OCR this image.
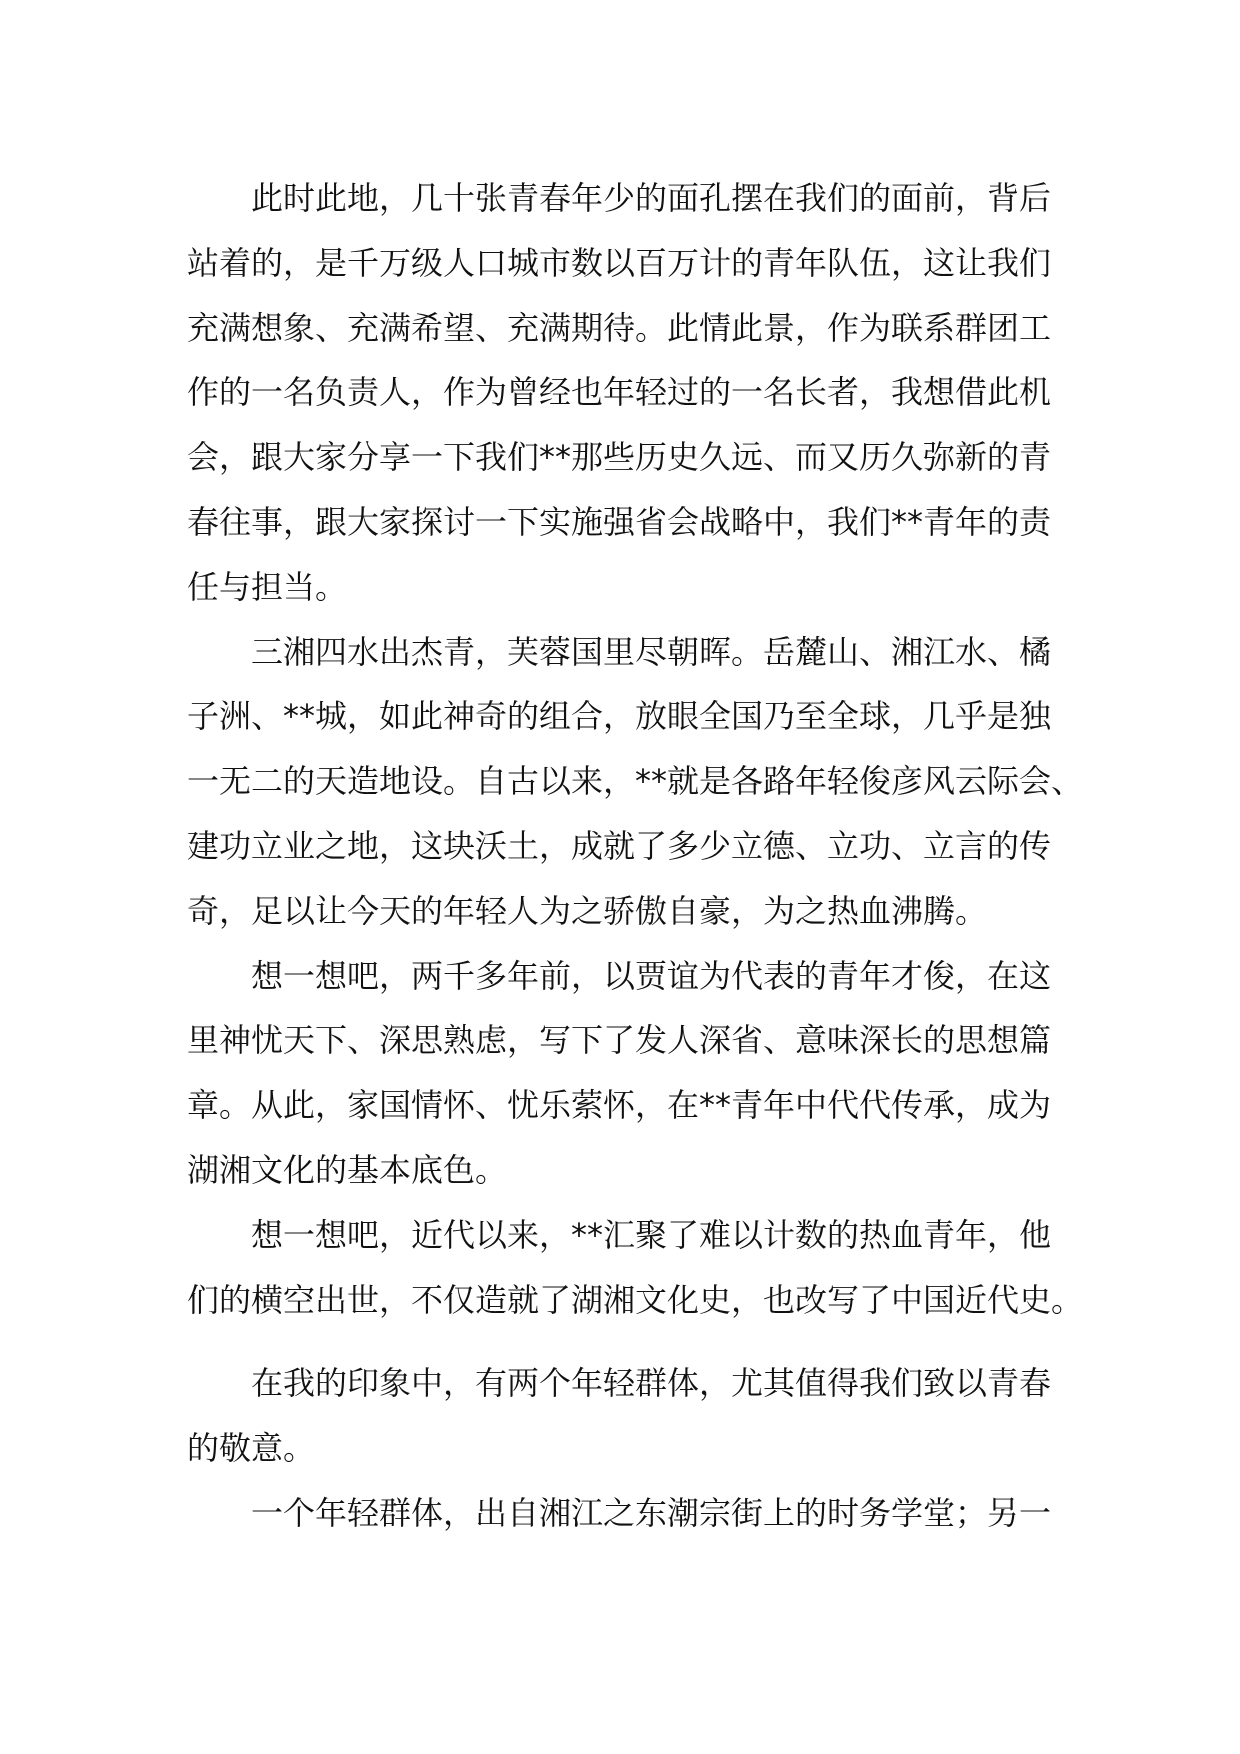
此时此地，几十张青春年少的面孔摆在我们的面前，背后
站着的，是千万级人口城市数以百万计的青年队伍，这让我们
充满想象、充满希望、充满期待。此情此景，作为联系群团工
作的一名负责人，作为曾经也年轻过的一名长者，我想借此机
会，跟大家分享一下我们**那些历史久远、而又历久弥新的青
春往事，跟大家探讨一下实施强省会战略中，我们**青年的责
任与担当。

三湘四水出杰青，芙蓉国里尽朝晖。岳麓山、湘江水、橘
子洲、**城，如此神奇的组合，放眼全国乃至全球，几乎是独
一无二的天造地设。自古以来，**就是各路年轻俊彦风云际会、
建功立业之地，这块沃土，成就了多少立德、立功、立言的传
奇，足以让今天的年轻人为之骄傲自豪，为之热血沸腾。

想一想吧，两千多年前，以贾谊为代表的青年才俊，在这
里神忧天下、深思熟虑，写下了发人深省、意味深长的思想篇
章。从此，家国情怀、忧乐萦怀，在**青年中代代传承，成为
湖湘文化的基本底色。

想一想吧，近代以来，**汇聚了难以计数的热血青年，他
们的横空出世，不仅造就了湖湘文化史，也改写了中国近代史。

在我的印象中，有两个年轻群体，尤其值得我们致以青春
的敬意。

一个年轻群体，出自湘江之东潮宗街上的时务学堂；另一
